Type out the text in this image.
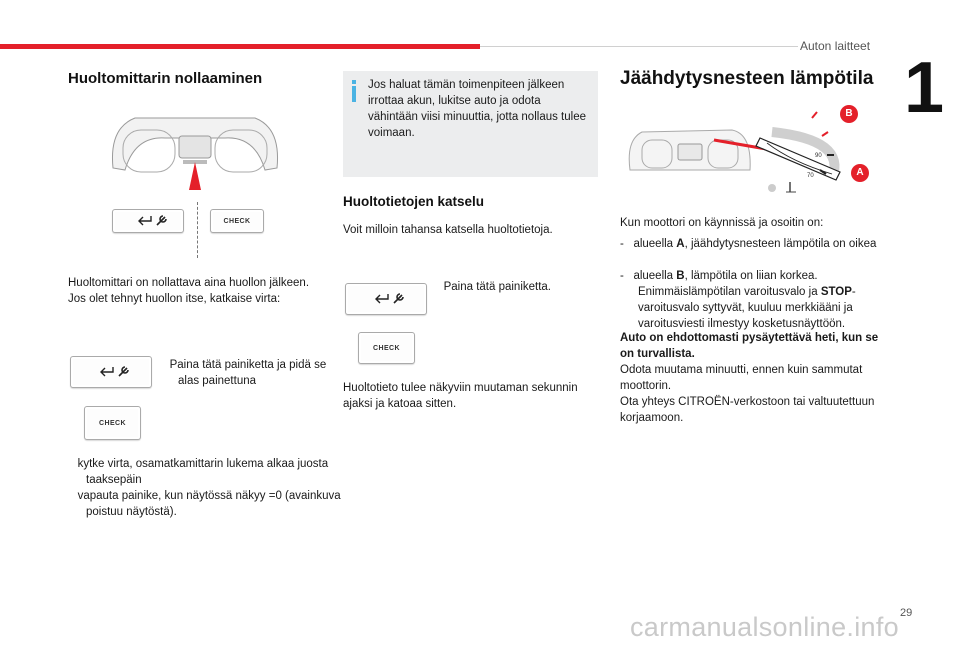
Auton laitteet
1
Huoltomittarin nollaaminen
CHECK
Huoltomittari on nollattava aina huollon jälkeen. Jos olet tehnyt huollon itse, katkaise virta:
Paina tätä painiketta ja pidä se alas painettuna
CHECK
kytke virta, osamatkamittarin lukema alkaa juosta taaksepäin
vapauta painike, kun näytössä näkyy =0 (avainkuva poistuu näytöstä).
Jos haluat tämän toimenpiteen jälkeen irrottaa akun, lukitse auto ja odota vähintään viisi minuuttia, jotta nollaus tulee voimaan.
Huoltotietojen katselu
Voit milloin tahansa katsella huoltotietoja.
Paina tätä painiketta.
CHECK
Huoltotieto tulee näkyviin muutaman sekunnin ajaksi ja katoaa sitten.
Jäähdytysnesteen lämpötila
90
70
B
A
Kun moottori on käynnissä ja osoitin on:
- alueella A, jäähdytysnesteen lämpötila on oikea
- alueella B, lämpötila on liian korkea. Enimmäislämpötilan varoitusvalo ja STOP-varoitusvalo syttyvät, kuuluu merkkiääni ja varoitusviesti ilmestyy kosketusnäyttöön.
Auto on ehdottomasti pysäytettävä heti, kun se on turvallista.
Odota muutama minuutti, ennen kuin sammutat moottorin.
Ota yhteys CITROËN-verkostoon tai valtuutettuun korjaamoon.
29
carmanualsonline.info
